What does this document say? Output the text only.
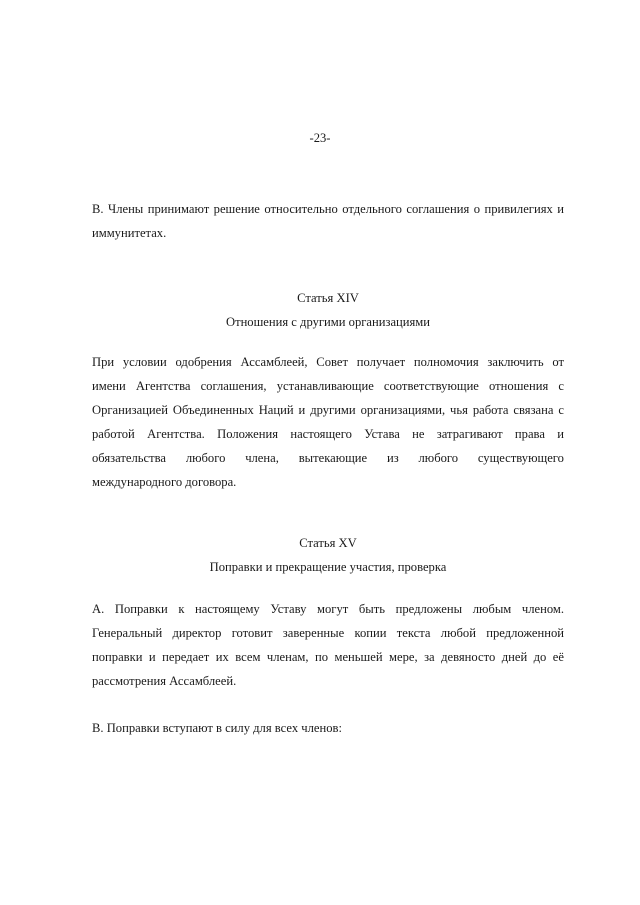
-23-
B. Члены принимают решение относительно отдельного соглашения о привилегиях и иммунитетах.
Статья XIV
Отношения с другими организациями
При условии одобрения Ассамблеей, Совет получает полномочия заключить от
имени Агентства соглашения, устанавливающие соответствующие отношения с
Организацией Объединенных Наций и другими организациями, чья работа связана с
работой Агентства. Положения настоящего Устава не затрагивают права и
обязательства любого члена, вытекающие из любого существующего
международного договора.
Статья XV
Поправки и прекращение участия, проверка
A. Поправки к настоящему Уставу могут быть предложены любым членом. Генеральный директор готовит заверенные копии текста любой предложенной поправки и передает их всем членам, по меньшей мере, за девяносто дней до её рассмотрения Ассамблеей.
B. Поправки вступают в силу для всех членов:
